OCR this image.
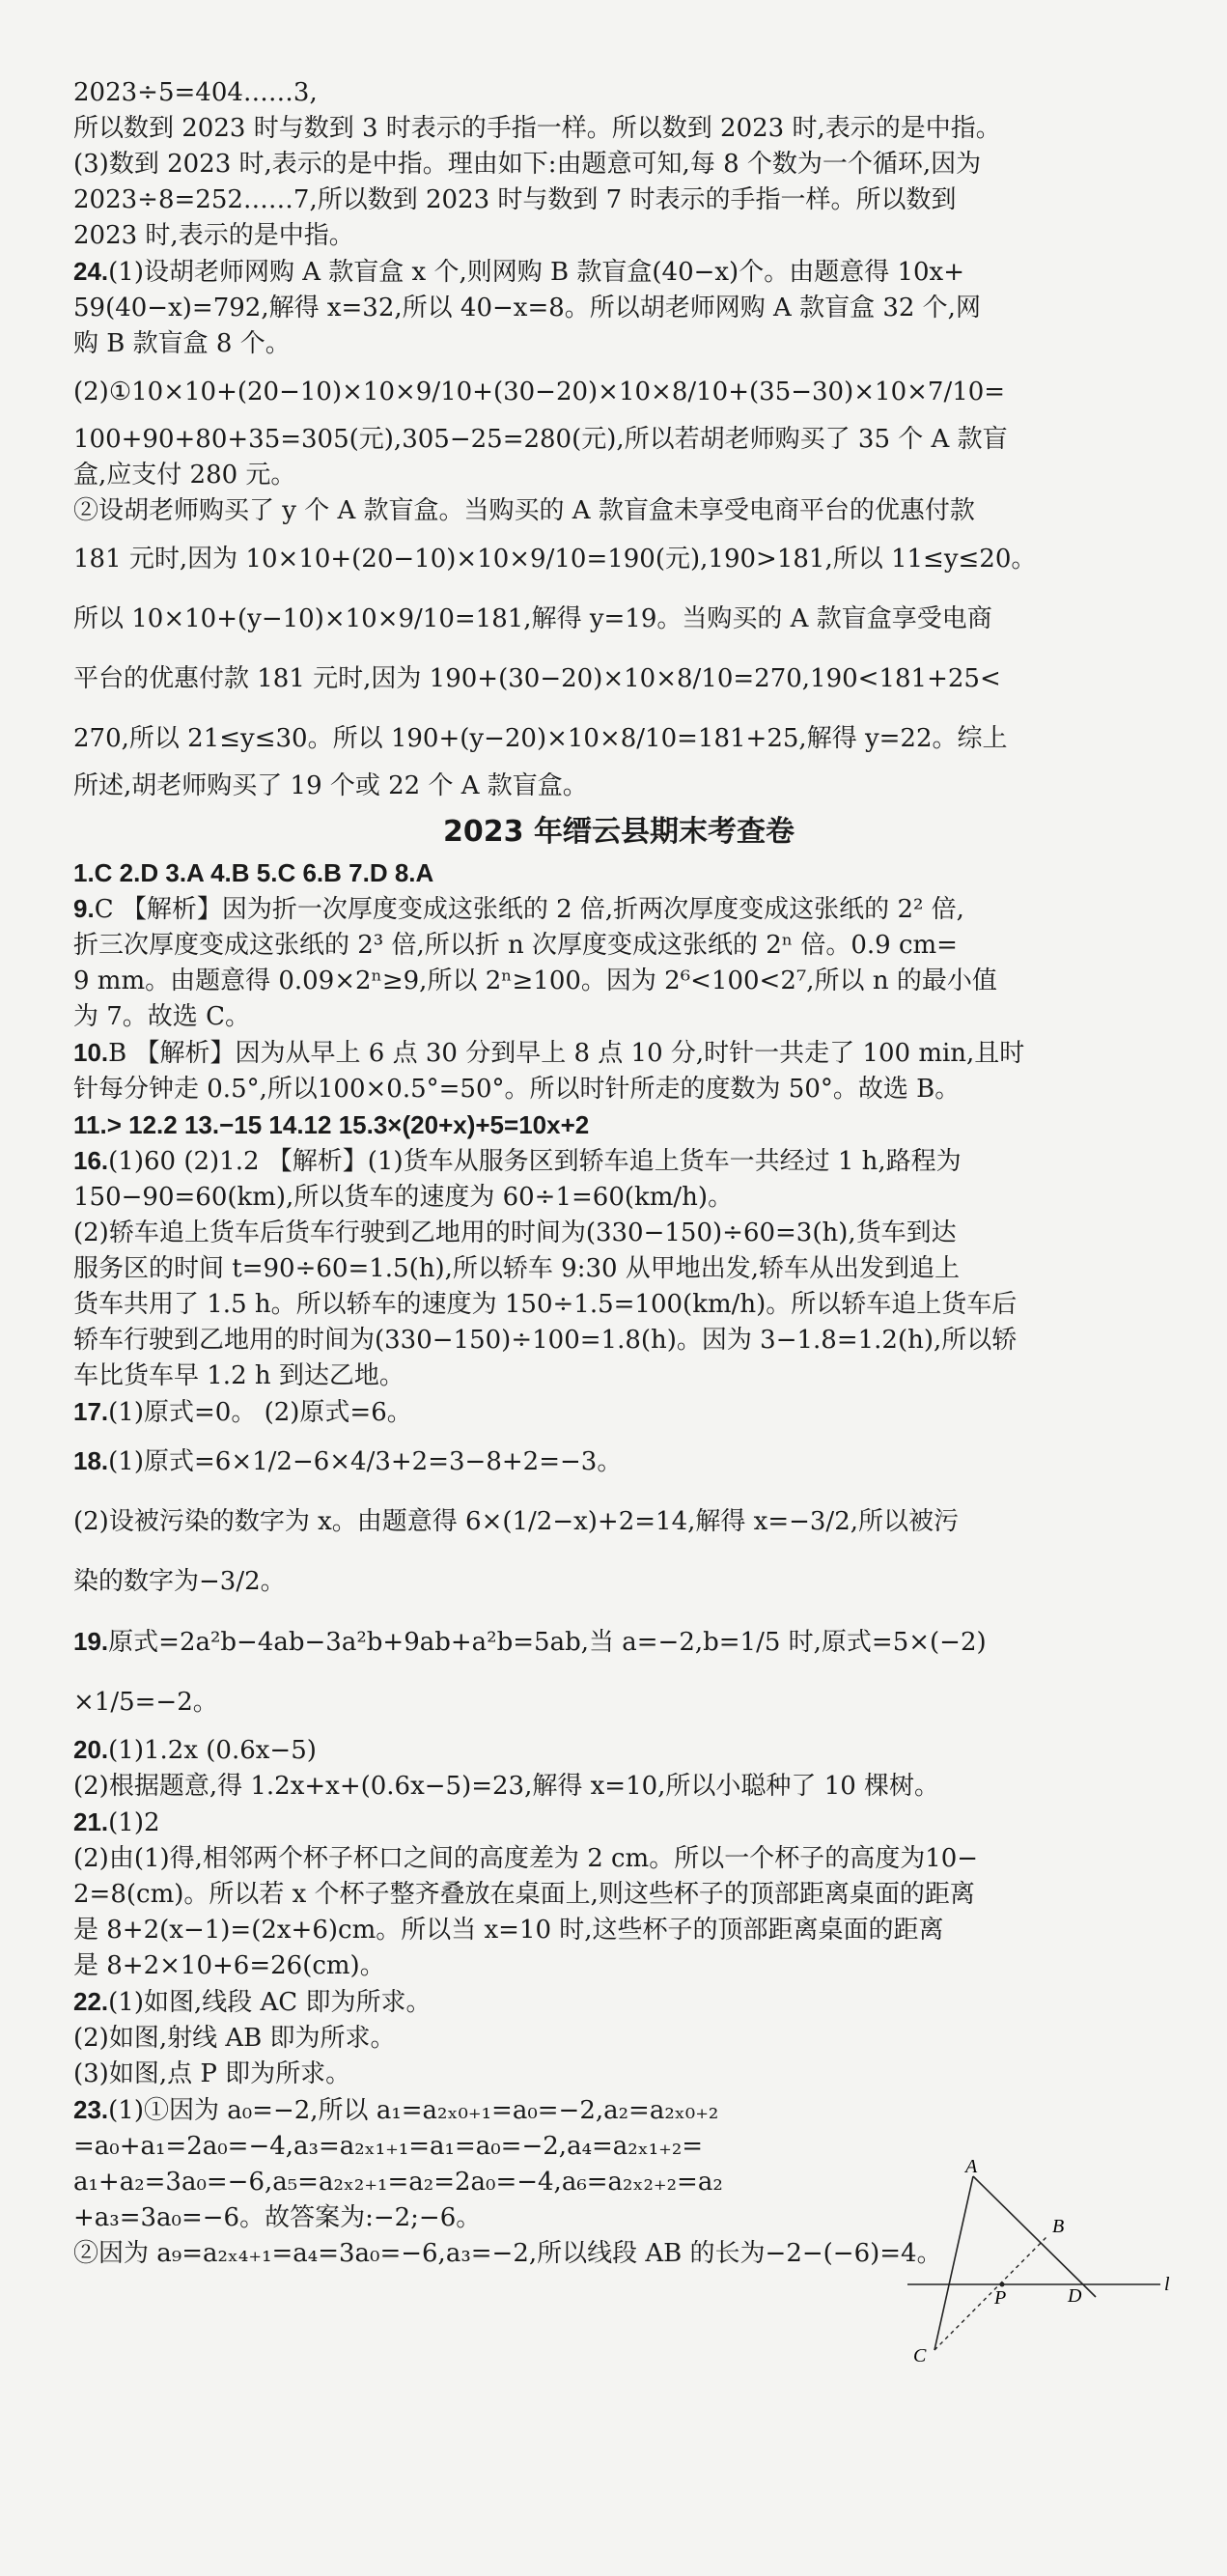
2023÷5=404……3,

所以数到 2023 时与数到 3 时表示的手指一样。所以数到 2023 时,表示的是中指。

(3)数到 2023 时,表示的是中指。理由如下:由题意可知,每 8 个数为一个循环,因为

2023÷8=252……7,所以数到 2023 时与数到 7 时表示的手指一样。所以数到

2023 时,表示的是中指。

24.(1)设胡老师网购 A 款盲盒 x 个,则网购 B 款盲盒(40−x)个。由题意得 10x+

59(40−x)=792,解得 x=32,所以 40−x=8。所以胡老师网购 A 款盲盒 32 个,网

购 B 款盲盒 8 个。

(2)①10×10+(20−10)×10×9/10+(30−20)×10×8/10+(35−30)×10×7/10=

100+90+80+35=305(元),305−25=280(元),所以若胡老师购买了 35 个 A 款盲

盒,应支付 280 元。

②设胡老师购买了 y 个 A 款盲盒。当购买的 A 款盲盒未享受电商平台的优惠付款

181 元时,因为 10×10+(20−10)×10×9/10=190(元),190>181,所以 11≤y≤20。

所以 10×10+(y−10)×10×9/10=181,解得 y=19。当购买的 A 款盲盒享受电商

平台的优惠付款 181 元时,因为 190+(30−20)×10×8/10=270,190<181+25<

270,所以 21≤y≤30。所以 190+(y−20)×10×8/10=181+25,解得 y=22。综上

所述,胡老师购买了 19 个或 22 个 A 款盲盒。

2023 年缙云县期末考查卷

1.C 2.D 3.A 4.B 5.C 6.B 7.D 8.A

9.C 【解析】因为折一次厚度变成这张纸的 2 倍,折两次厚度变成这张纸的 2² 倍,

折三次厚度变成这张纸的 2³ 倍,所以折 n 次厚度变成这张纸的 2ⁿ 倍。0.9 cm=

9 mm。由题意得 0.09×2ⁿ≥9,所以 2ⁿ≥100。因为 2⁶<100<2⁷,所以 n 的最小值

为 7。故选 C。

10.B 【解析】因为从早上 6 点 30 分到早上 8 点 10 分,时针一共走了 100 min,且时

针每分钟走 0.5°,所以100×0.5°=50°。所以时针所走的度数为 50°。故选 B。

11.> 12.2 13.−15 14.12 15.3×(20+x)+5=10x+2

16.(1)60 (2)1.2 【解析】(1)货车从服务区到轿车追上货车一共经过 1 h,路程为

150−90=60(km),所以货车的速度为 60÷1=60(km/h)。

(2)轿车追上货车后货车行驶到乙地用的时间为(330−150)÷60=3(h),货车到达

服务区的时间 t=90÷60=1.5(h),所以轿车 9:30 从甲地出发,轿车从出发到追上

货车共用了 1.5 h。所以轿车的速度为 150÷1.5=100(km/h)。所以轿车追上货车后

轿车行驶到乙地用的时间为(330−150)÷100=1.8(h)。因为 3−1.8=1.2(h),所以轿

车比货车早 1.2 h 到达乙地。

17.(1)原式=0。 (2)原式=6。

18.(1)原式=6×1/2−6×4/3+2=3−8+2=−3。

(2)设被污染的数字为 x。由题意得 6×(1/2−x)+2=14,解得 x=−3/2,所以被污

染的数字为−3/2。

19.原式=2a²b−4ab−3a²b+9ab+a²b=5ab,当 a=−2,b=1/5 时,原式=5×(−2)

×1/5=−2。

20.(1)1.2x (0.6x−5)

(2)根据题意,得 1.2x+x+(0.6x−5)=23,解得 x=10,所以小聪种了 10 棵树。

21.(1)2

(2)由(1)得,相邻两个杯子杯口之间的高度差为 2 cm。所以一个杯子的高度为10−

2=8(cm)。所以若 x 个杯子整齐叠放在桌面上,则这些杯子的顶部距离桌面的距离

是 8+2(x−1)=(2x+6)cm。所以当 x=10 时,这些杯子的顶部距离桌面的距离

是 8+2×10+6=26(cm)。

22.(1)如图,线段 AC 即为所求。

(2)如图,射线 AB 即为所求。

(3)如图,点 P 即为所求。

23.(1)①因为 a₀=−2,所以 a₁=a₂ₓ₀₊₁=a₀=−2,a₂=a₂ₓ₀₊₂

=a₀+a₁=2a₀=−4,a₃=a₂ₓ₁₊₁=a₁=a₀=−2,a₄=a₂ₓ₁₊₂=

a₁+a₂=3a₀=−6,a₅=a₂ₓ₂₊₁=a₂=2a₀=−4,a₆=a₂ₓ₂₊₂=a₂

+a₃=3a₀=−6。故答案为:−2;−6。

②因为 a₉=a₂ₓ₄₊₁=a₄=3a₀=−6,a₃=−2,所以线段 AB 的长为−2−(−6)=4。

A
B
C
D
P
l
